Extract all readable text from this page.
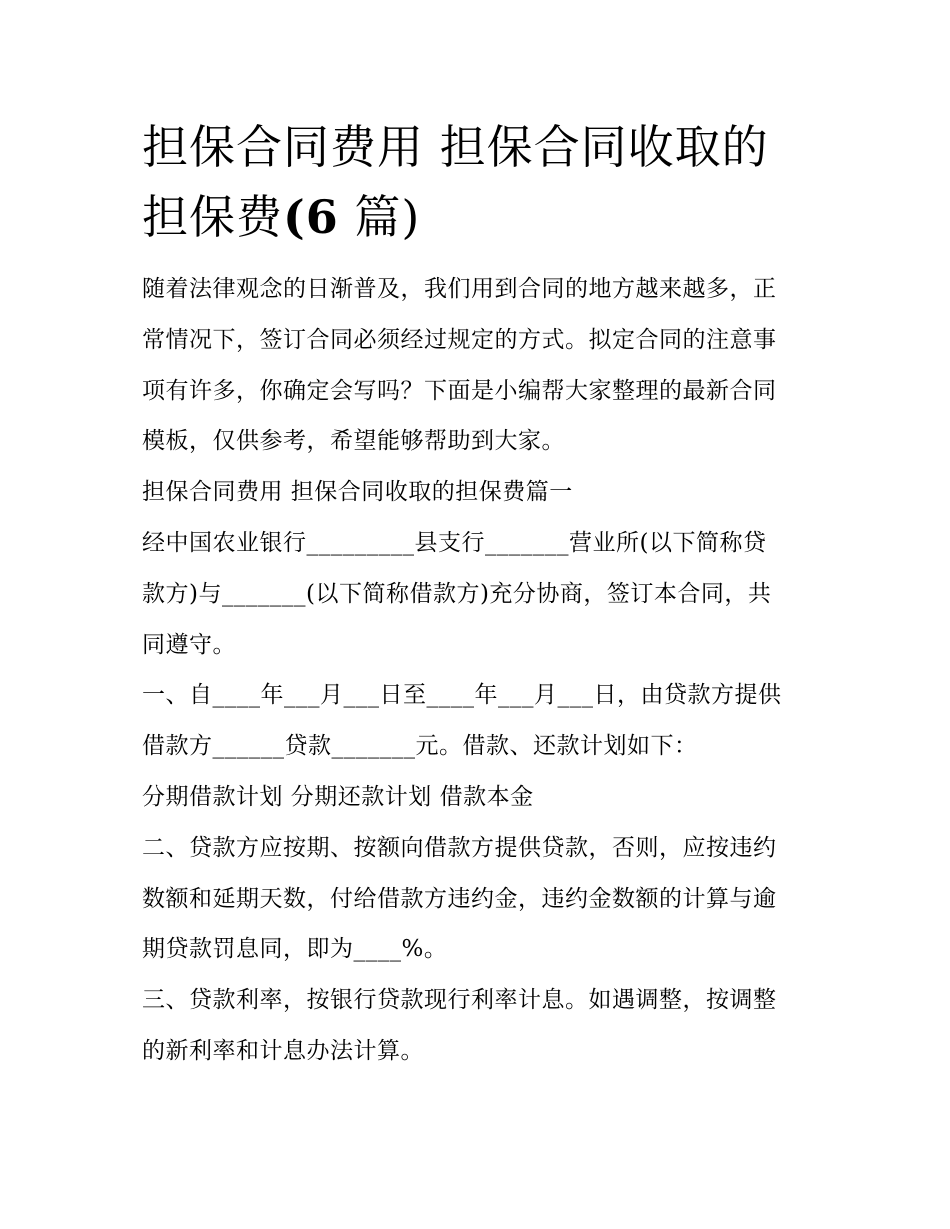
担保合同费用 担保合同收取的
担保费(6 篇)

随着法律观念的日渐普及，我们用到合同的地方越来越多，正

常情况下，签订合同必须经过规定的方式。拟定合同的注意事

项有许多，你确定会写吗？下面是小编帮大家整理的最新合同

模板，仅供参考，希望能够帮助到大家。

担保合同费用 担保合同收取的担保费篇一

经中国农业银行_________县支行_______营业所(以下简称贷

款方)与_______(以下简称借款方)充分协商，签订本合同，共

同遵守。

一、自____年___月___日至____年___月___日，由贷款方提供

借款方______贷款_______元。借款、还款计划如下：

分期借款计划 分期还款计划 借款本金

二、贷款方应按期、按额向借款方提供贷款，否则，应按违约

数额和延期天数，付给借款方违约金，违约金数额的计算与逾

期贷款罚息同，即为____%。

三、贷款利率，按银行贷款现行利率计息。如遇调整，按调整

的新利率和计息办法计算。
